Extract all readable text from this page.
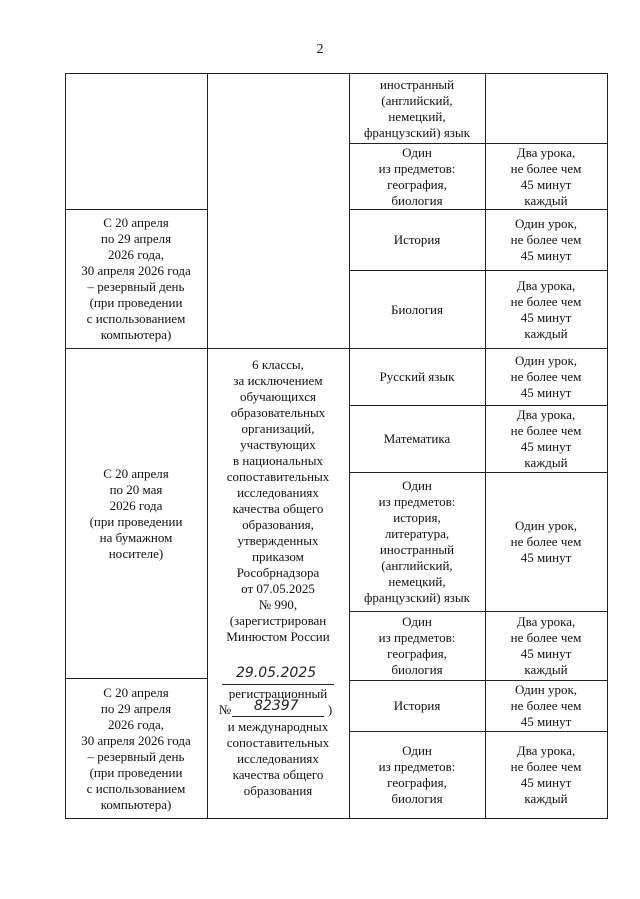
2
иностранный
(английский,
немецкий,
французский) язык
Один
из предметов:
география,
биология
Два урока,
не более чем
45 минут
каждый
С 20 апреля
по 29 апреля
2026 года,
30 апреля 2026 года
– резервный день
(при проведении
с использованием
компьютера)
История
Один урок,
не более чем
45 минут
Биология
Два урока,
не более чем
45 минут
каждый
С 20 апреля
по 20 мая
2026 года
(при проведении
на бумажном
носителе)
6 классы,
за исключением
обучающихся
образовательных
организаций,
участвующих
в национальных
сопоставительных
исследованиях
качества общего
образования,
утвержденных
приказом
Рособрнадзора
от 07.05.2025
№ 990,
(зарегистрирован
Минюстом России
29.05.2025
регистрационный
№ 82397 )
и международных
сопоставительных
исследованиях
качества общего
образования
Русский язык
Один урок,
не более чем
45 минут
Математика
Два урока,
не более чем
45 минут
каждый
Один
из предметов:
история,
литература,
иностранный
(английский,
немецкий,
французский) язык
Один урок,
не более чем
45 минут
Один
из предметов:
география,
биология
Два урока,
не более чем
45 минут
каждый
С 20 апреля
по 29 апреля
2026 года,
30 апреля 2026 года
– резервный день
(при проведении
с использованием
компьютера)
История
Один урок,
не более чем
45 минут
Один
из предметов:
география,
биология
Два урока,
не более чем
45 минут
каждый
